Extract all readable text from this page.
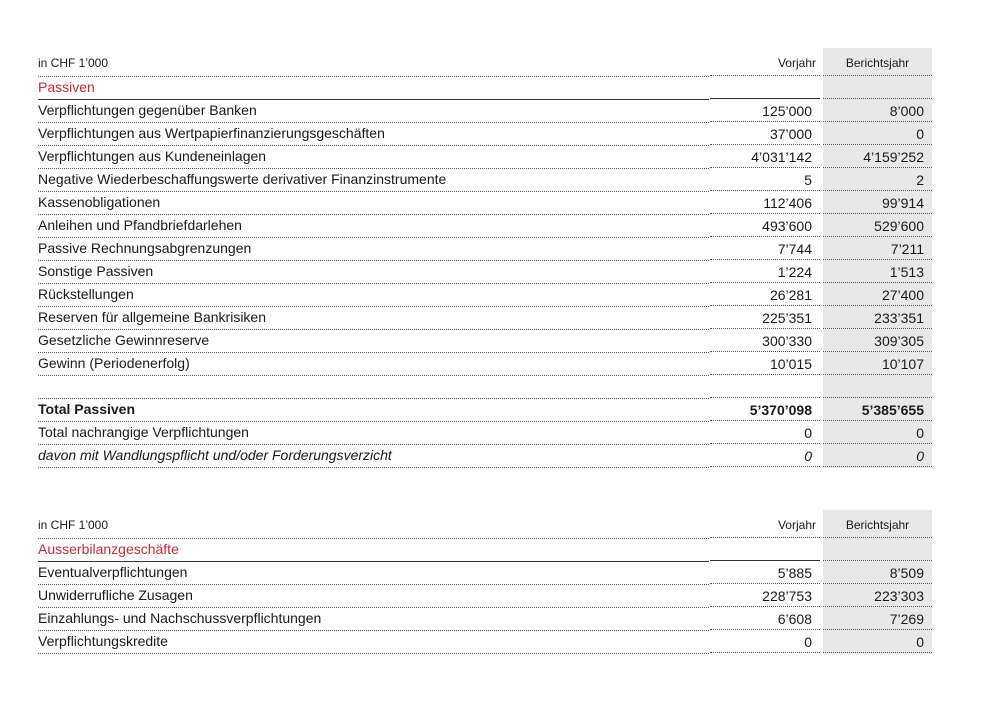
in CHF 1’000	Vorjahr	Berichtsjahr
Passiven
Verpflichtungen gegenüber Banken	125’000	8’000
Verpflichtungen aus Wertpapierfinanzierungsgeschäften	37’000	0
Verpflichtungen aus Kundeneinlagen	4’031’142	4’159’252
Negative Wiederbeschaffungswerte derivativer Finanzinstrumente	5	2
Kassenobligationen	112’406	99’914
Anleihen und Pfandbriefdarlehen	493’600	529’600
Passive Rechnungsabgrenzungen	7’744	7’211
Sonstige Passiven	1’224	1’513
Rückstellungen	26’281	27’400
Reserven für allgemeine Bankrisiken	225’351	233’351
Gesetzliche Gewinnreserve	300’330	309’305
Gewinn (Periodenerfolg)	10’015	10’107
Total Passiven	5’370’098	5’385’655
Total nachrangige Verpflichtungen	0	0
davon mit Wandlungspflicht und/oder Forderungsverzicht	0	0
in CHF 1’000	Vorjahr	Berichtsjahr
Ausserbilanzgeschäfte
Eventualverpflichtungen	5’885	8’509
Unwiderrufliche Zusagen	228’753	223’303
Einzahlungs- und Nachschussverpflichtungen	6’608	7’269
Verpflichtungskredite	0	0
